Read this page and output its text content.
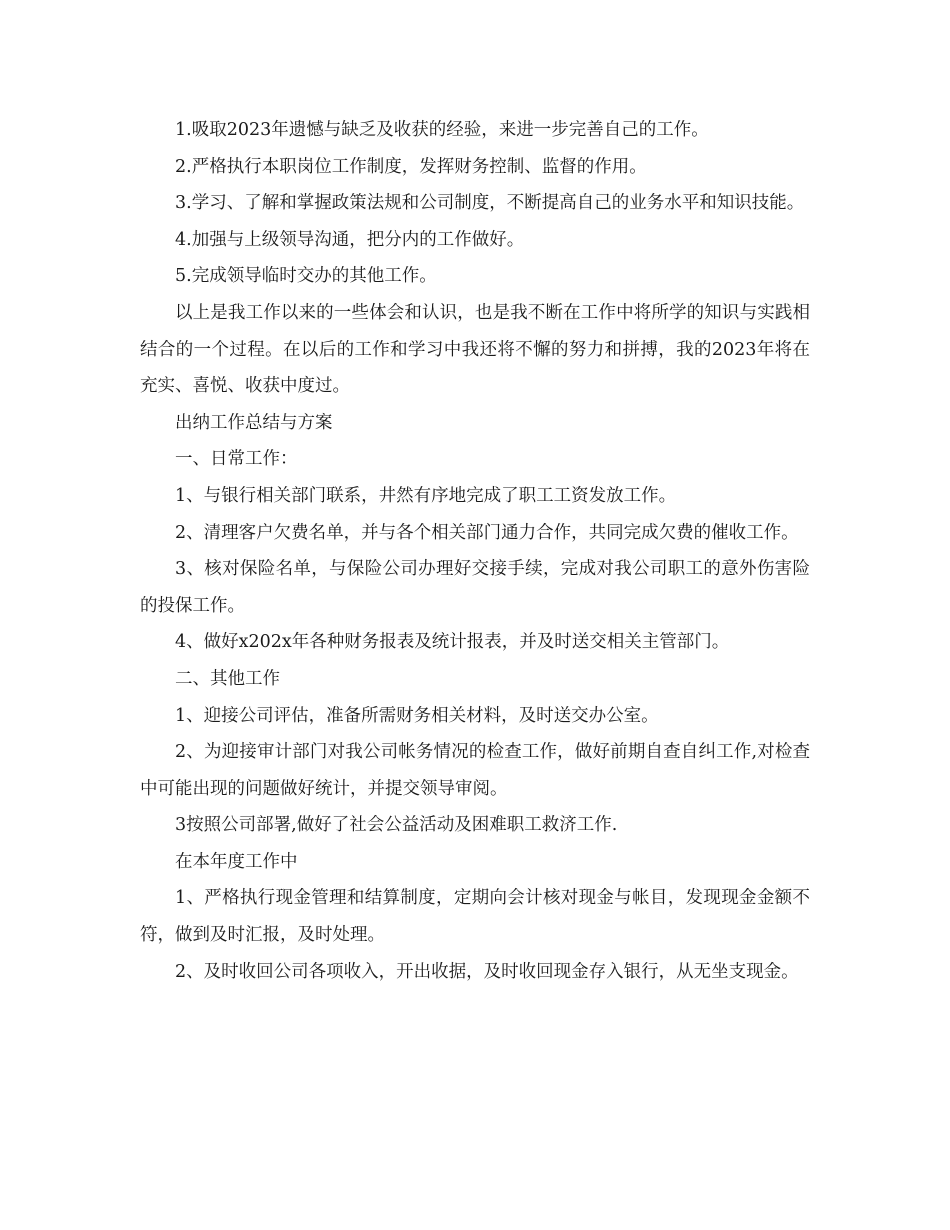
1.吸取2023年遗憾与缺乏及收获的经验，来进一步完善自己的工作。

2.严格执行本职岗位工作制度，发挥财务控制、监督的作用。

3.学习、了解和掌握政策法规和公司制度，不断提高自己的业务水平和知识技能。

4.加强与上级领导沟通，把分内的工作做好。

5.完成领导临时交办的其他工作。

以上是我工作以来的一些体会和认识，也是我不断在工作中将所学的知识与实践相结合的一个过程。在以后的工作和学习中我还将不懈的努力和拼搏，我的2023年将在充实、喜悦、收获中度过。

出纳工作总结与方案

一、日常工作：

1、与银行相关部门联系，井然有序地完成了职工工资发放工作。

2、清理客户欠费名单，并与各个相关部门通力合作，共同完成欠费的催收工作。

3、核对保险名单，与保险公司办理好交接手续，完成对我公司职工的意外伤害险的投保工作。

4、做好x202x年各种财务报表及统计报表，并及时送交相关主管部门。

二、其他工作

1、迎接公司评估，准备所需财务相关材料，及时送交办公室。

2、为迎接审计部门对我公司帐务情况的检查工作，做好前期自查自纠工作,对检查中可能出现的问题做好统计，并提交领导审阅。

3按照公司部署,做好了社会公益活动及困难职工救济工作.

在本年度工作中

1、严格执行现金管理和结算制度，定期向会计核对现金与帐目，发现现金金额不符，做到及时汇报，及时处理。

2、及时收回公司各项收入，开出收据，及时收回现金存入银行，从无坐支现金。
